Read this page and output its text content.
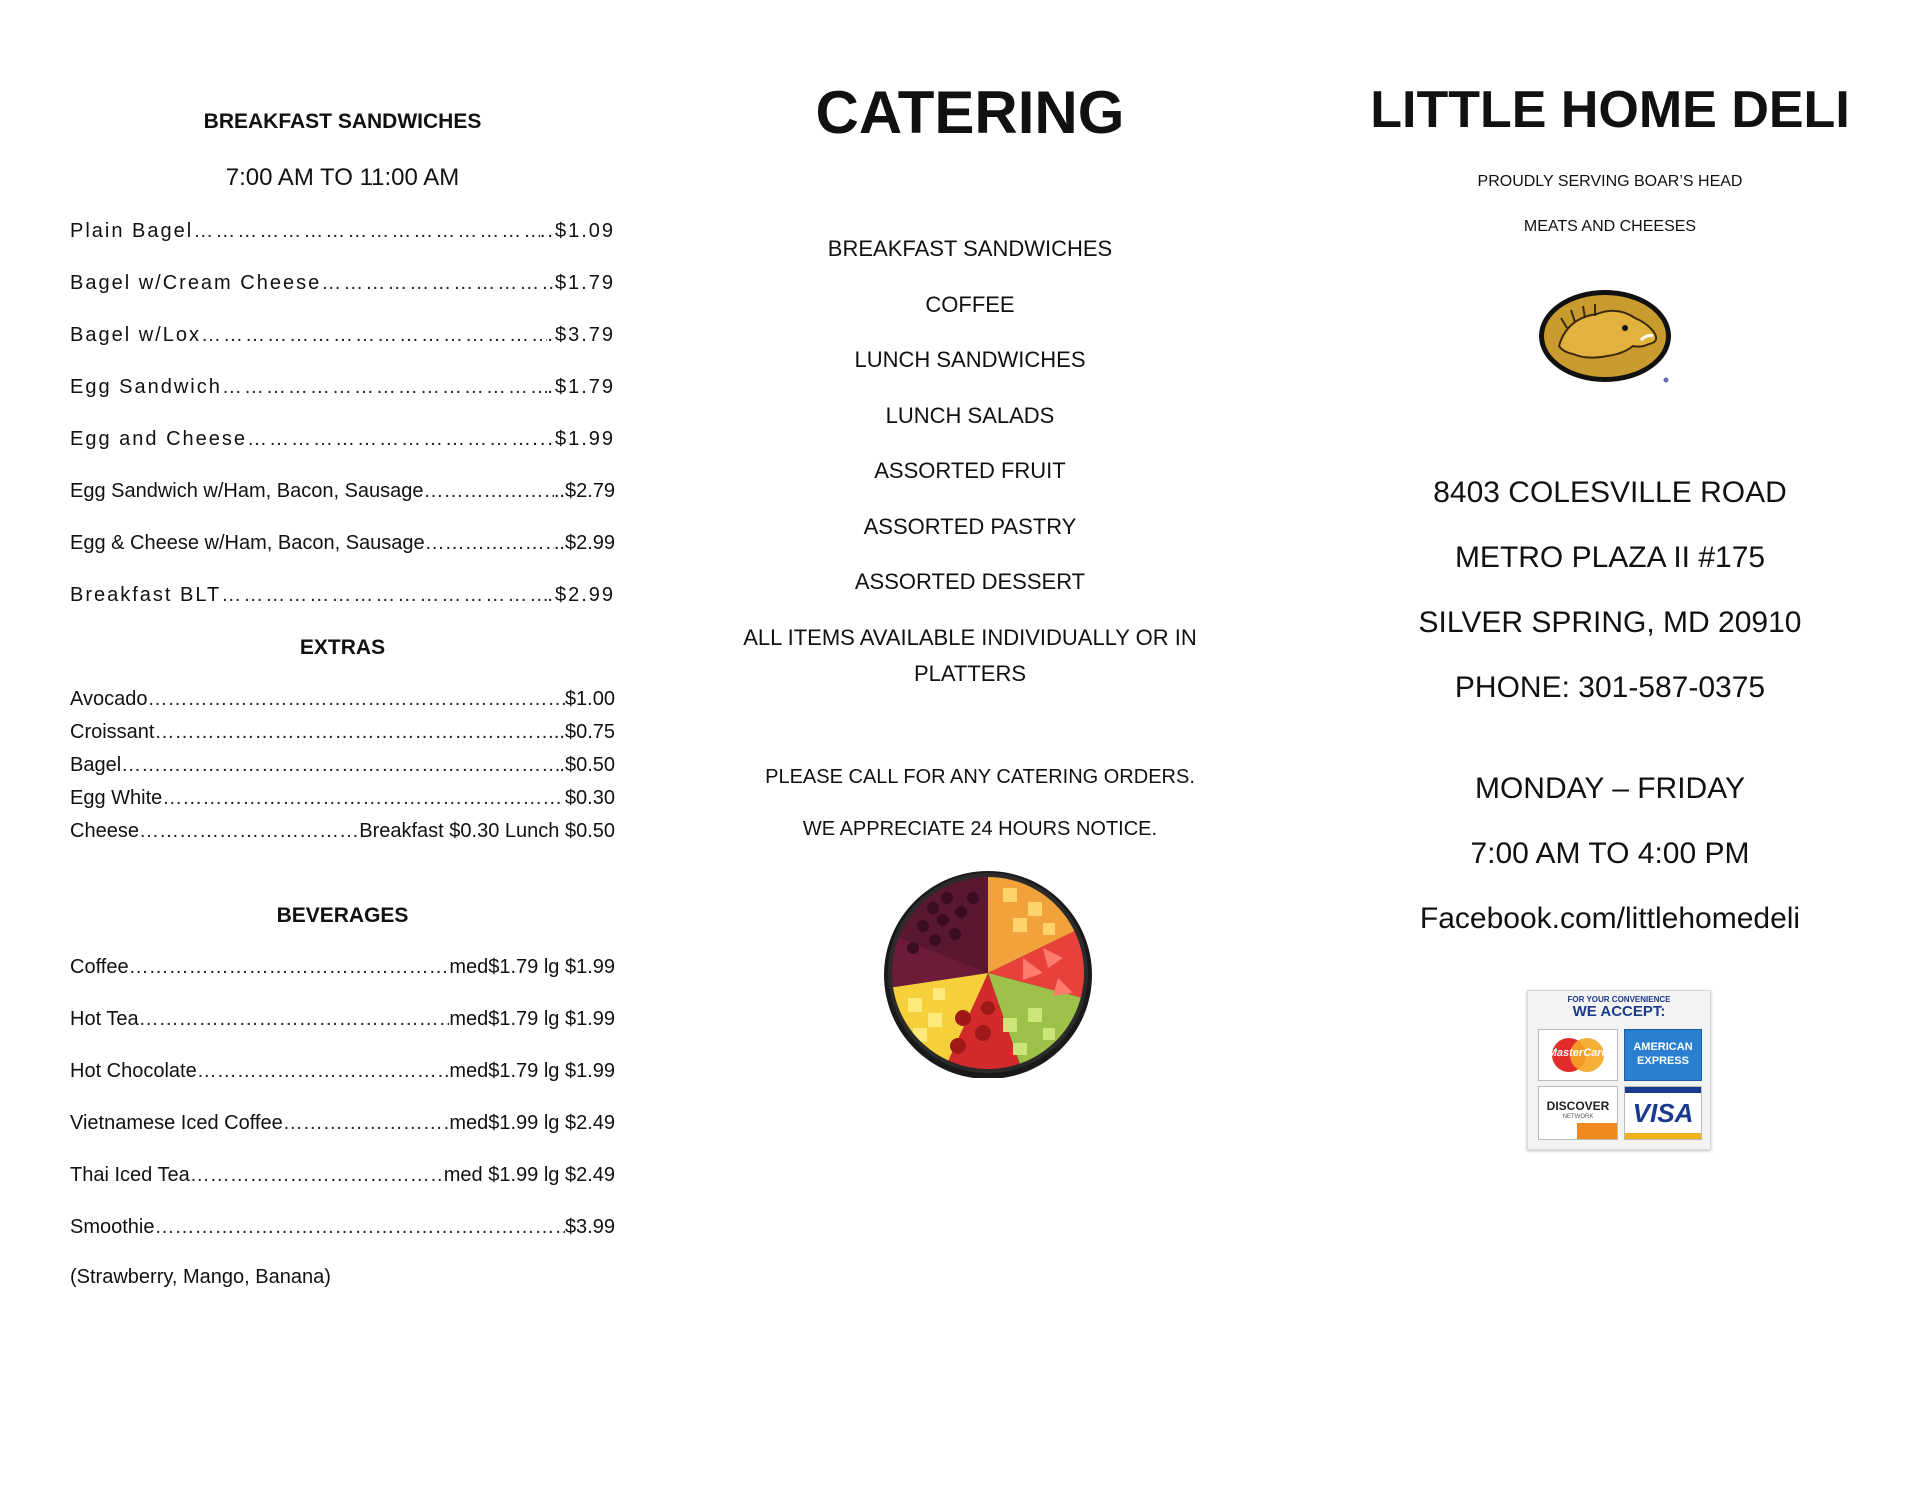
BREAKFAST SANDWICHES
7:00 AM TO 11:00 AM
Plain Bagel ……………………………………………………………………………………………………………………………	..$1.09
Bagel w/Cream Cheese ……………………………………………………………………………………………………………………………	$1.79
Bagel w/Lox ……………………………………………………………………………………………………………………………	.$3.79
Egg Sandwich ……………………………………………………………………………………………………………………………	.$1.79
Egg and Cheese ……………………………………………………………………………………………………………………………	...$1.99
Egg Sandwich w/Ham, Bacon, Sausage ……………………………………………………………………………………………………………………………	..$2.79
Egg & Cheese w/Ham, Bacon, Sausage ……………………………………………………………………………………………………………………………	..$2.99
Breakfast BLT ……………………………………………………………………………………………………………………………	.$2.99
EXTRAS
Avocado ……………………………………………………………………………………………………………………………	$1.00
Croissant ……………………………………………………………………………………………………………………………	..$0.75
Bagel ……………………………………………………………………………………………………………………………	.$0.50
Egg White ……………………………………………………………………………………………………………………………	$0.30
Cheese ……………………………………………………………………………………………………………………………	Breakfast $0.30 Lunch $0.50
BEVERAGES
Coffee ……………………………………………………………………………………………………………………………	med$1.79 lg $1.99
Hot Tea ……………………………………………………………………………………………………………………………	med$1.79 lg $1.99
Hot Chocolate ……………………………………………………………………………………………………………………………	med$1.79 lg $1.99
Vietnamese Iced Coffee ……………………………………………………………………………………………………………………………	med$1.99 lg $2.49
Thai Iced Tea ……………………………………………………………………………………………………………………………	med $1.99 lg $2.49
Smoothie ……………………………………………………………………………………………………………………………	$3.99
(Strawberry, Mango, Banana)
CATERING
BREAKFAST SANDWICHES
COFFEE
LUNCH SANDWICHES
LUNCH SALADS
ASSORTED FRUIT
ASSORTED PASTRY
ASSORTED DESSERT
ALL ITEMS AVAILABLE INDIVIDUALLY OR IN
PLATTERS
PLEASE CALL FOR ANY CATERING ORDERS.
WE APPRECIATE 24 HOURS NOTICE.
LITTLE HOME DELI
PROUDLY SERVING BOAR’S HEAD
MEATS AND CHEESES
8403 COLESVILLE ROAD
METRO PLAZA II #175
SILVER SPRING, MD 20910
PHONE: 301-587-0375
MONDAY – FRIDAY
7:00 AM TO 4:00 PM
Facebook.com/littlehomedeli
FOR YOUR CONVENIENCE
WE ACCEPT:
MasterCard	AMERICAN EXPRESS
DISCOVER
NETWORK	VISA
